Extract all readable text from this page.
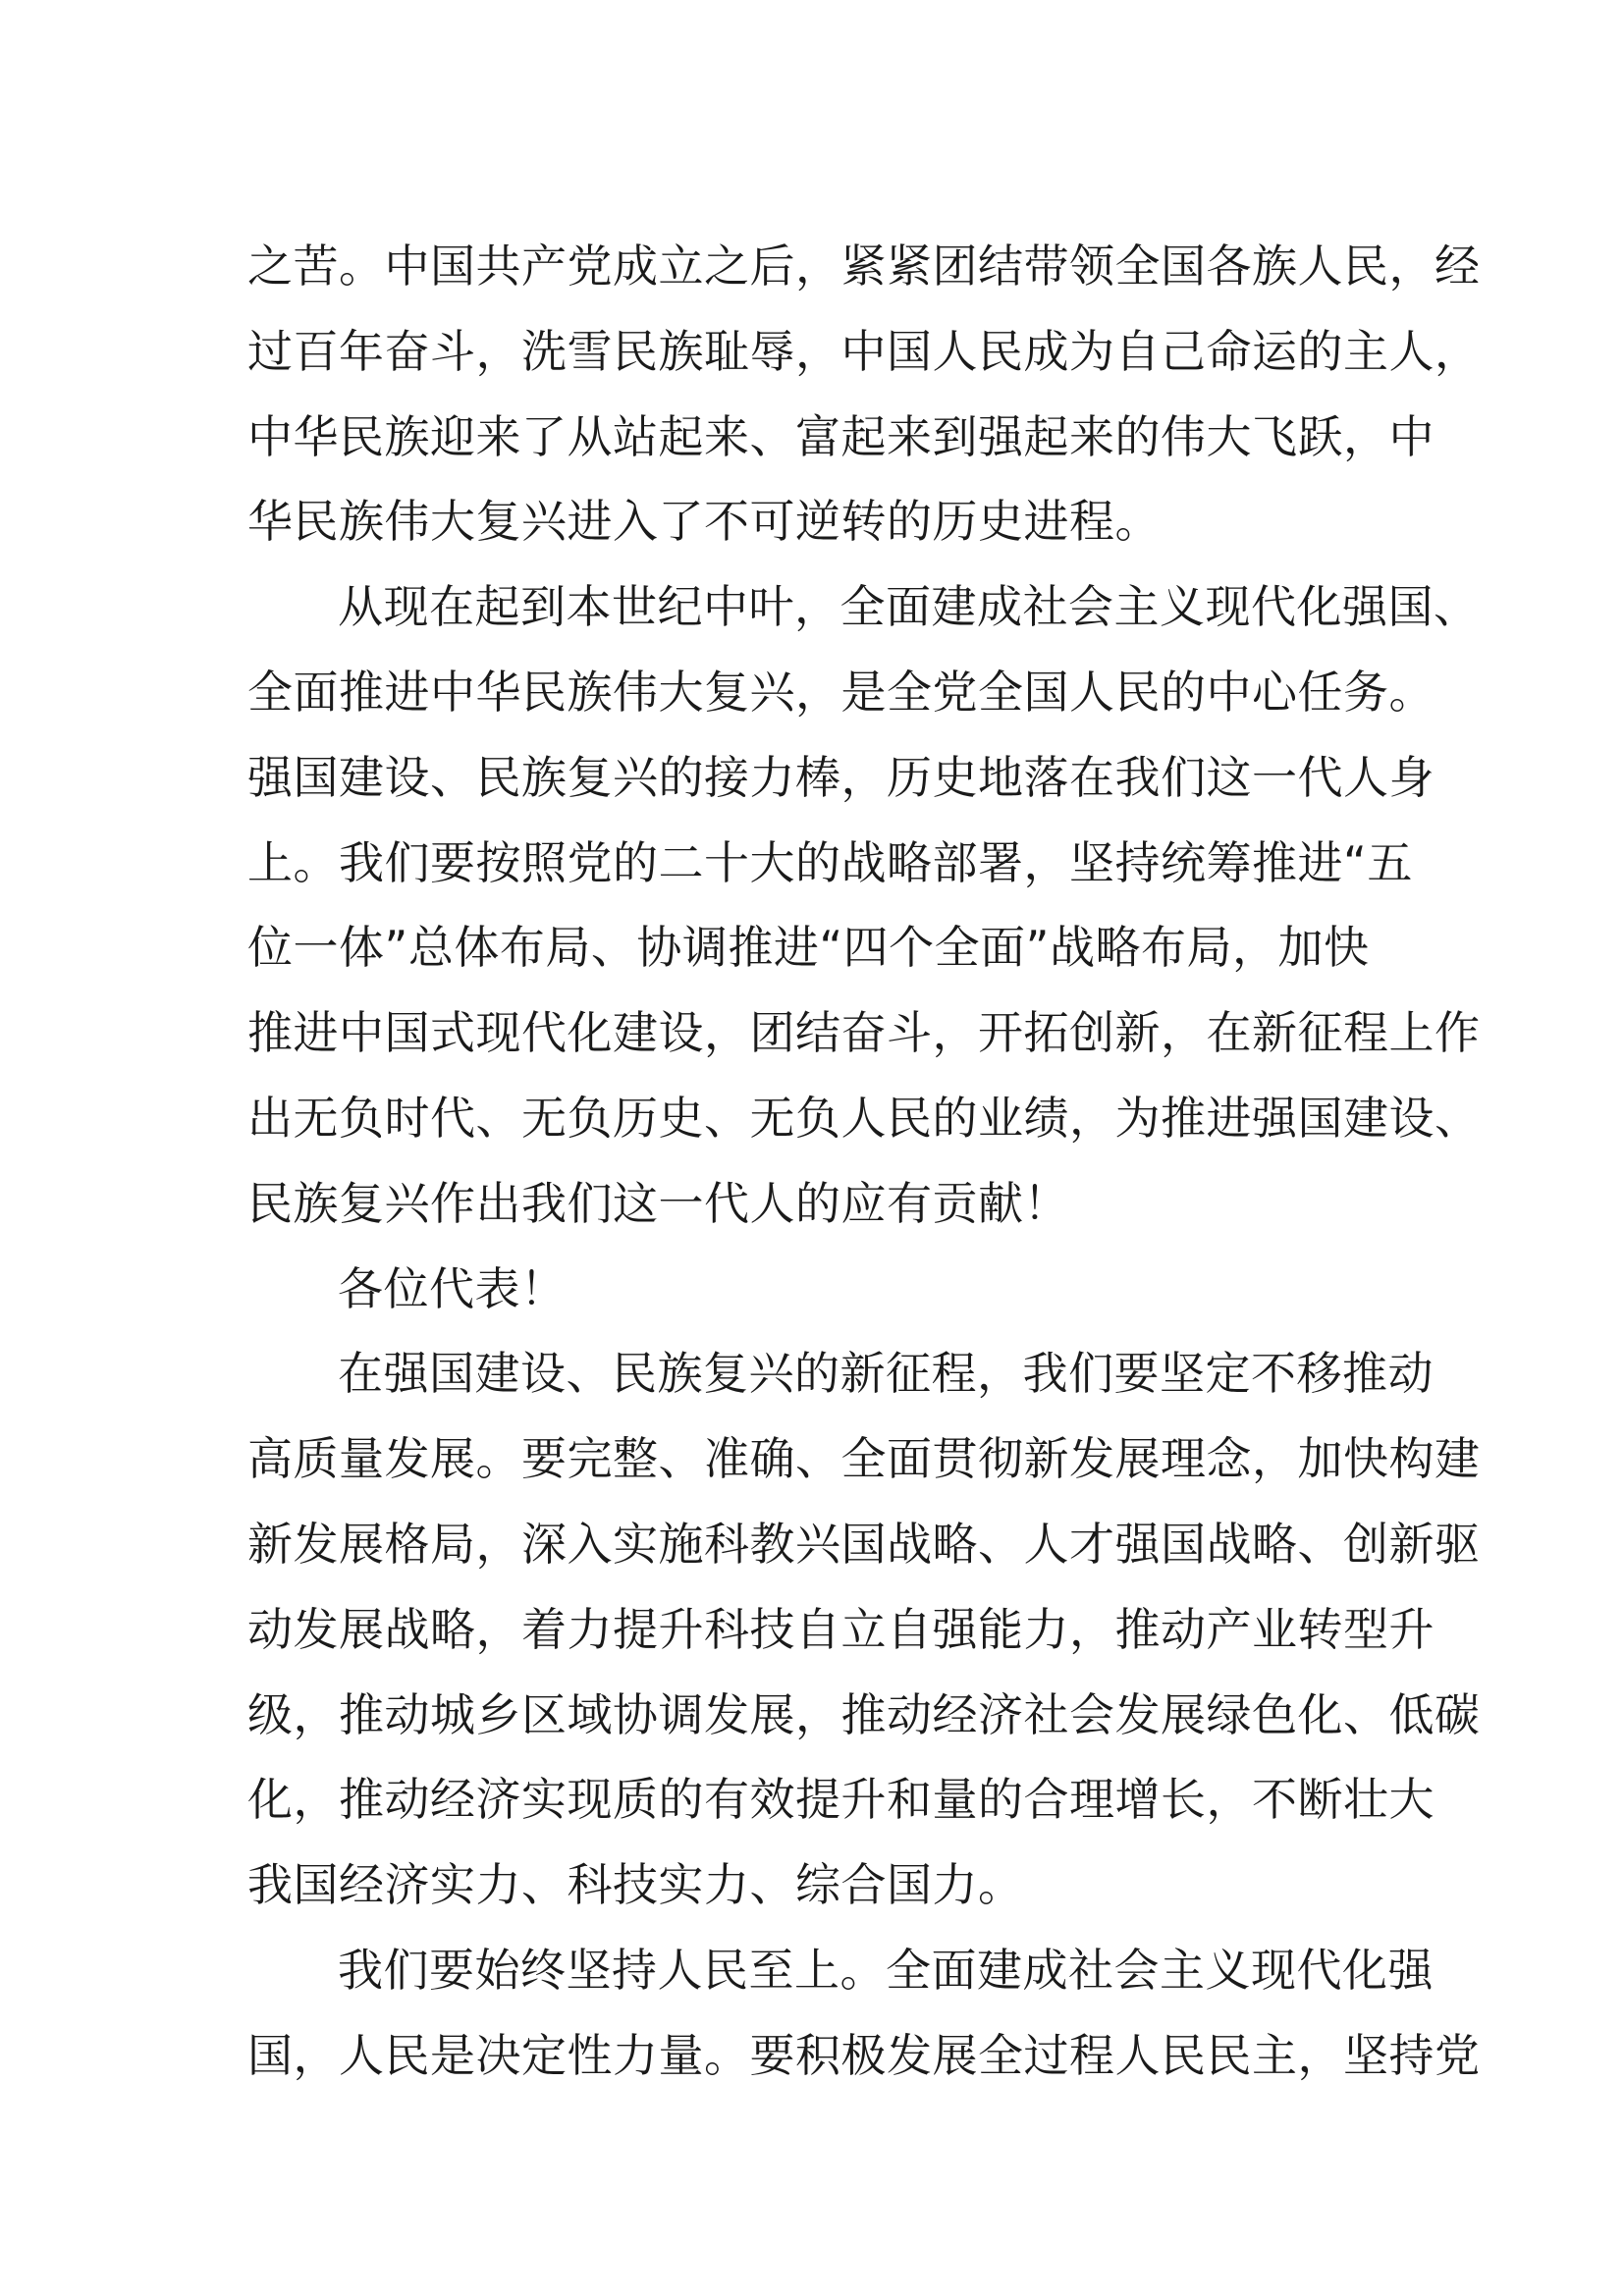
之苦。中国共产党成立之后，紧紧团结带领全国各族人民，经
过百年奋斗，洗雪民族耻辱，中国人民成为自己命运的主人，
中华民族迎来了从站起来、富起来到强起来的伟大飞跃，中
华民族伟大复兴进入了不可逆转的历史进程。
从现在起到本世纪中叶，全面建成社会主义现代化强国、
全面推进中华民族伟大复兴，是全党全国人民的中心任务。
强国建设、民族复兴的接力棒，历史地落在我们这一代人身
上。我们要按照党的二十大的战略部署，坚持统筹推进“五
位一体”总体布局、协调推进“四个全面”战略布局，加快
推进中国式现代化建设，团结奋斗，开拓创新，在新征程上作
出无负时代、无负历史、无负人民的业绩，为推进强国建设、
民族复兴作出我们这一代人的应有贡献！
各位代表！
在强国建设、民族复兴的新征程，我们要坚定不移推动
高质量发展。要完整、准确、全面贯彻新发展理念，加快构建
新发展格局，深入实施科教兴国战略、人才强国战略、创新驱
动发展战略，着力提升科技自立自强能力，推动产业转型升
级，推动城乡区域协调发展，推动经济社会发展绿色化、低碳
化，推动经济实现质的有效提升和量的合理增长，不断壮大
我国经济实力、科技实力、综合国力。
我们要始终坚持人民至上。全面建成社会主义现代化强
国，人民是决定性力量。要积极发展全过程人民民主，坚持党
